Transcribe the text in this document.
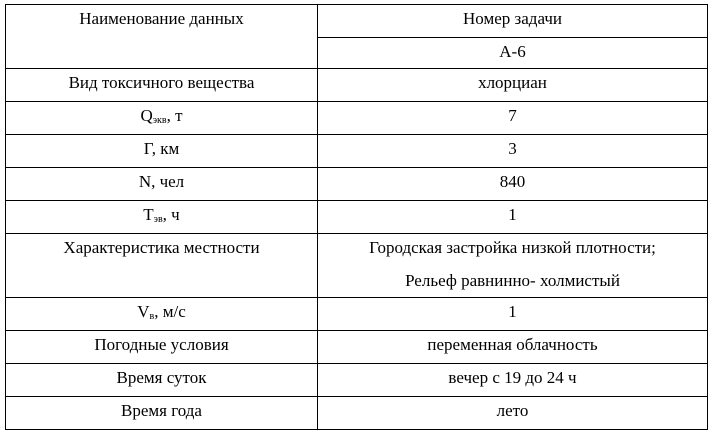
Наименование данных	Номер задачи
	А-6
Вид токсичного вещества	хлорциан
$Q_{экв}$, т	7
Г, км	3
N, чел	840
$T_{эв}$, ч	1
Характеристика местности	Городская застройка низкой плотности;
Рельеф равнинно- холмистый

$V_в$, м/с	1
Погодные условия	переменная облачность
Время суток	вечер с 19 до 24 ч
Время года	лето
